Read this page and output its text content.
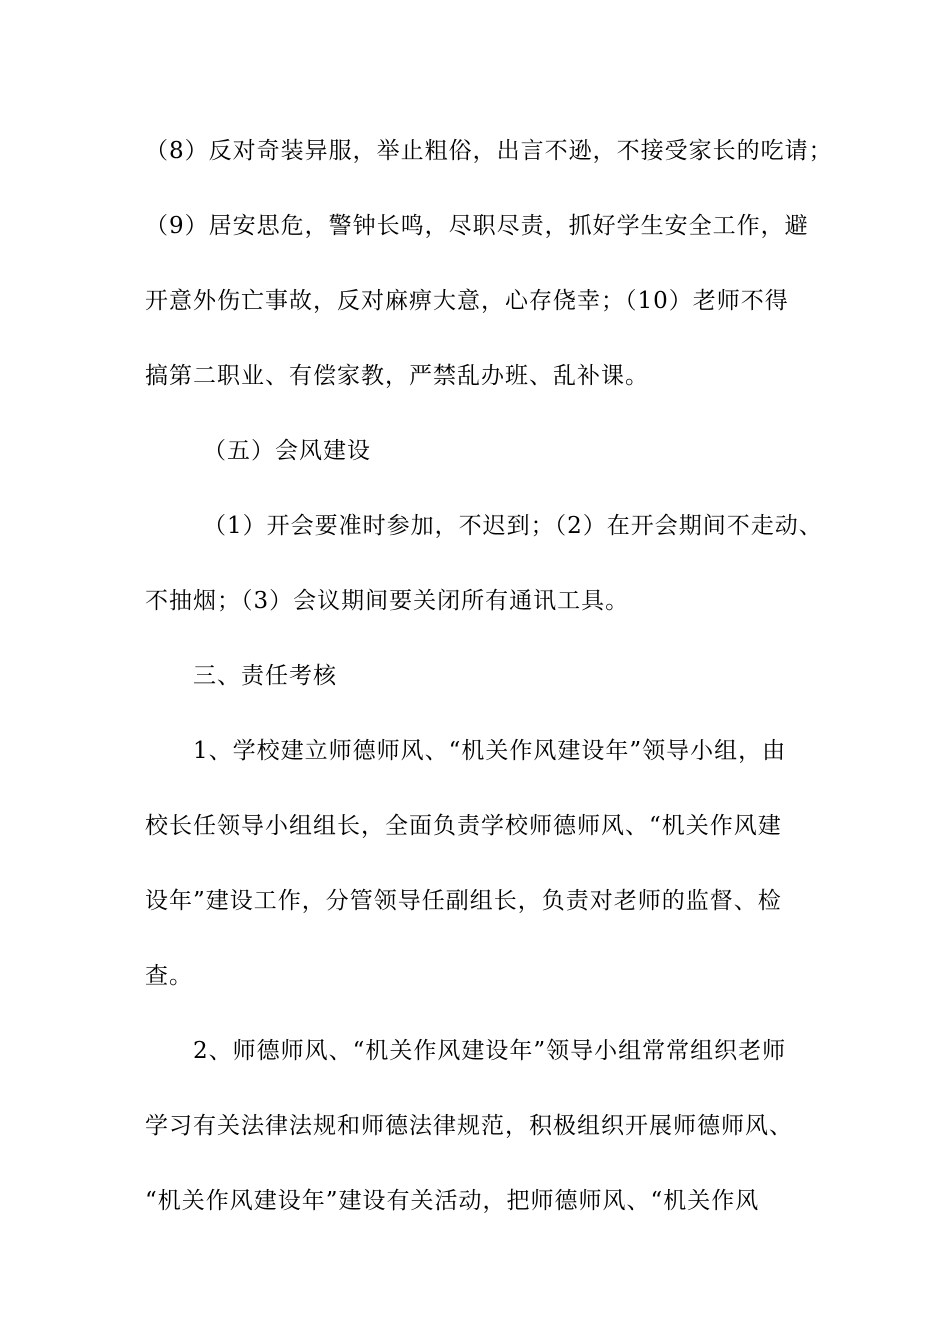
（8）反对奇装异服，举止粗俗，出言不逊，不接受家长的吃请；
（9）居安思危，警钟长鸣，尽职尽责，抓好学生安全工作，避
开意外伤亡事故，反对麻痹大意，心存侥幸；（10）老师不得
搞第二职业、有偿家教，严禁乱办班、乱补课。
（五）会风建设
（1）开会要准时参加，不迟到；（2）在开会期间不走动、
不抽烟；（3）会议期间要关闭所有通讯工具。
三、责任考核
1、学校建立师德师风、“机关作风建设年”领导小组，由
校长任领导小组组长，全面负责学校师德师风、“机关作风建
设年”建设工作，分管领导任副组长，负责对老师的监督、检
查。
2、师德师风、“机关作风建设年”领导小组常常组织老师
学习有关法律法规和师德法律规范，积极组织开展师德师风、
“机关作风建设年”建设有关活动，把师德师风、“机关作风
